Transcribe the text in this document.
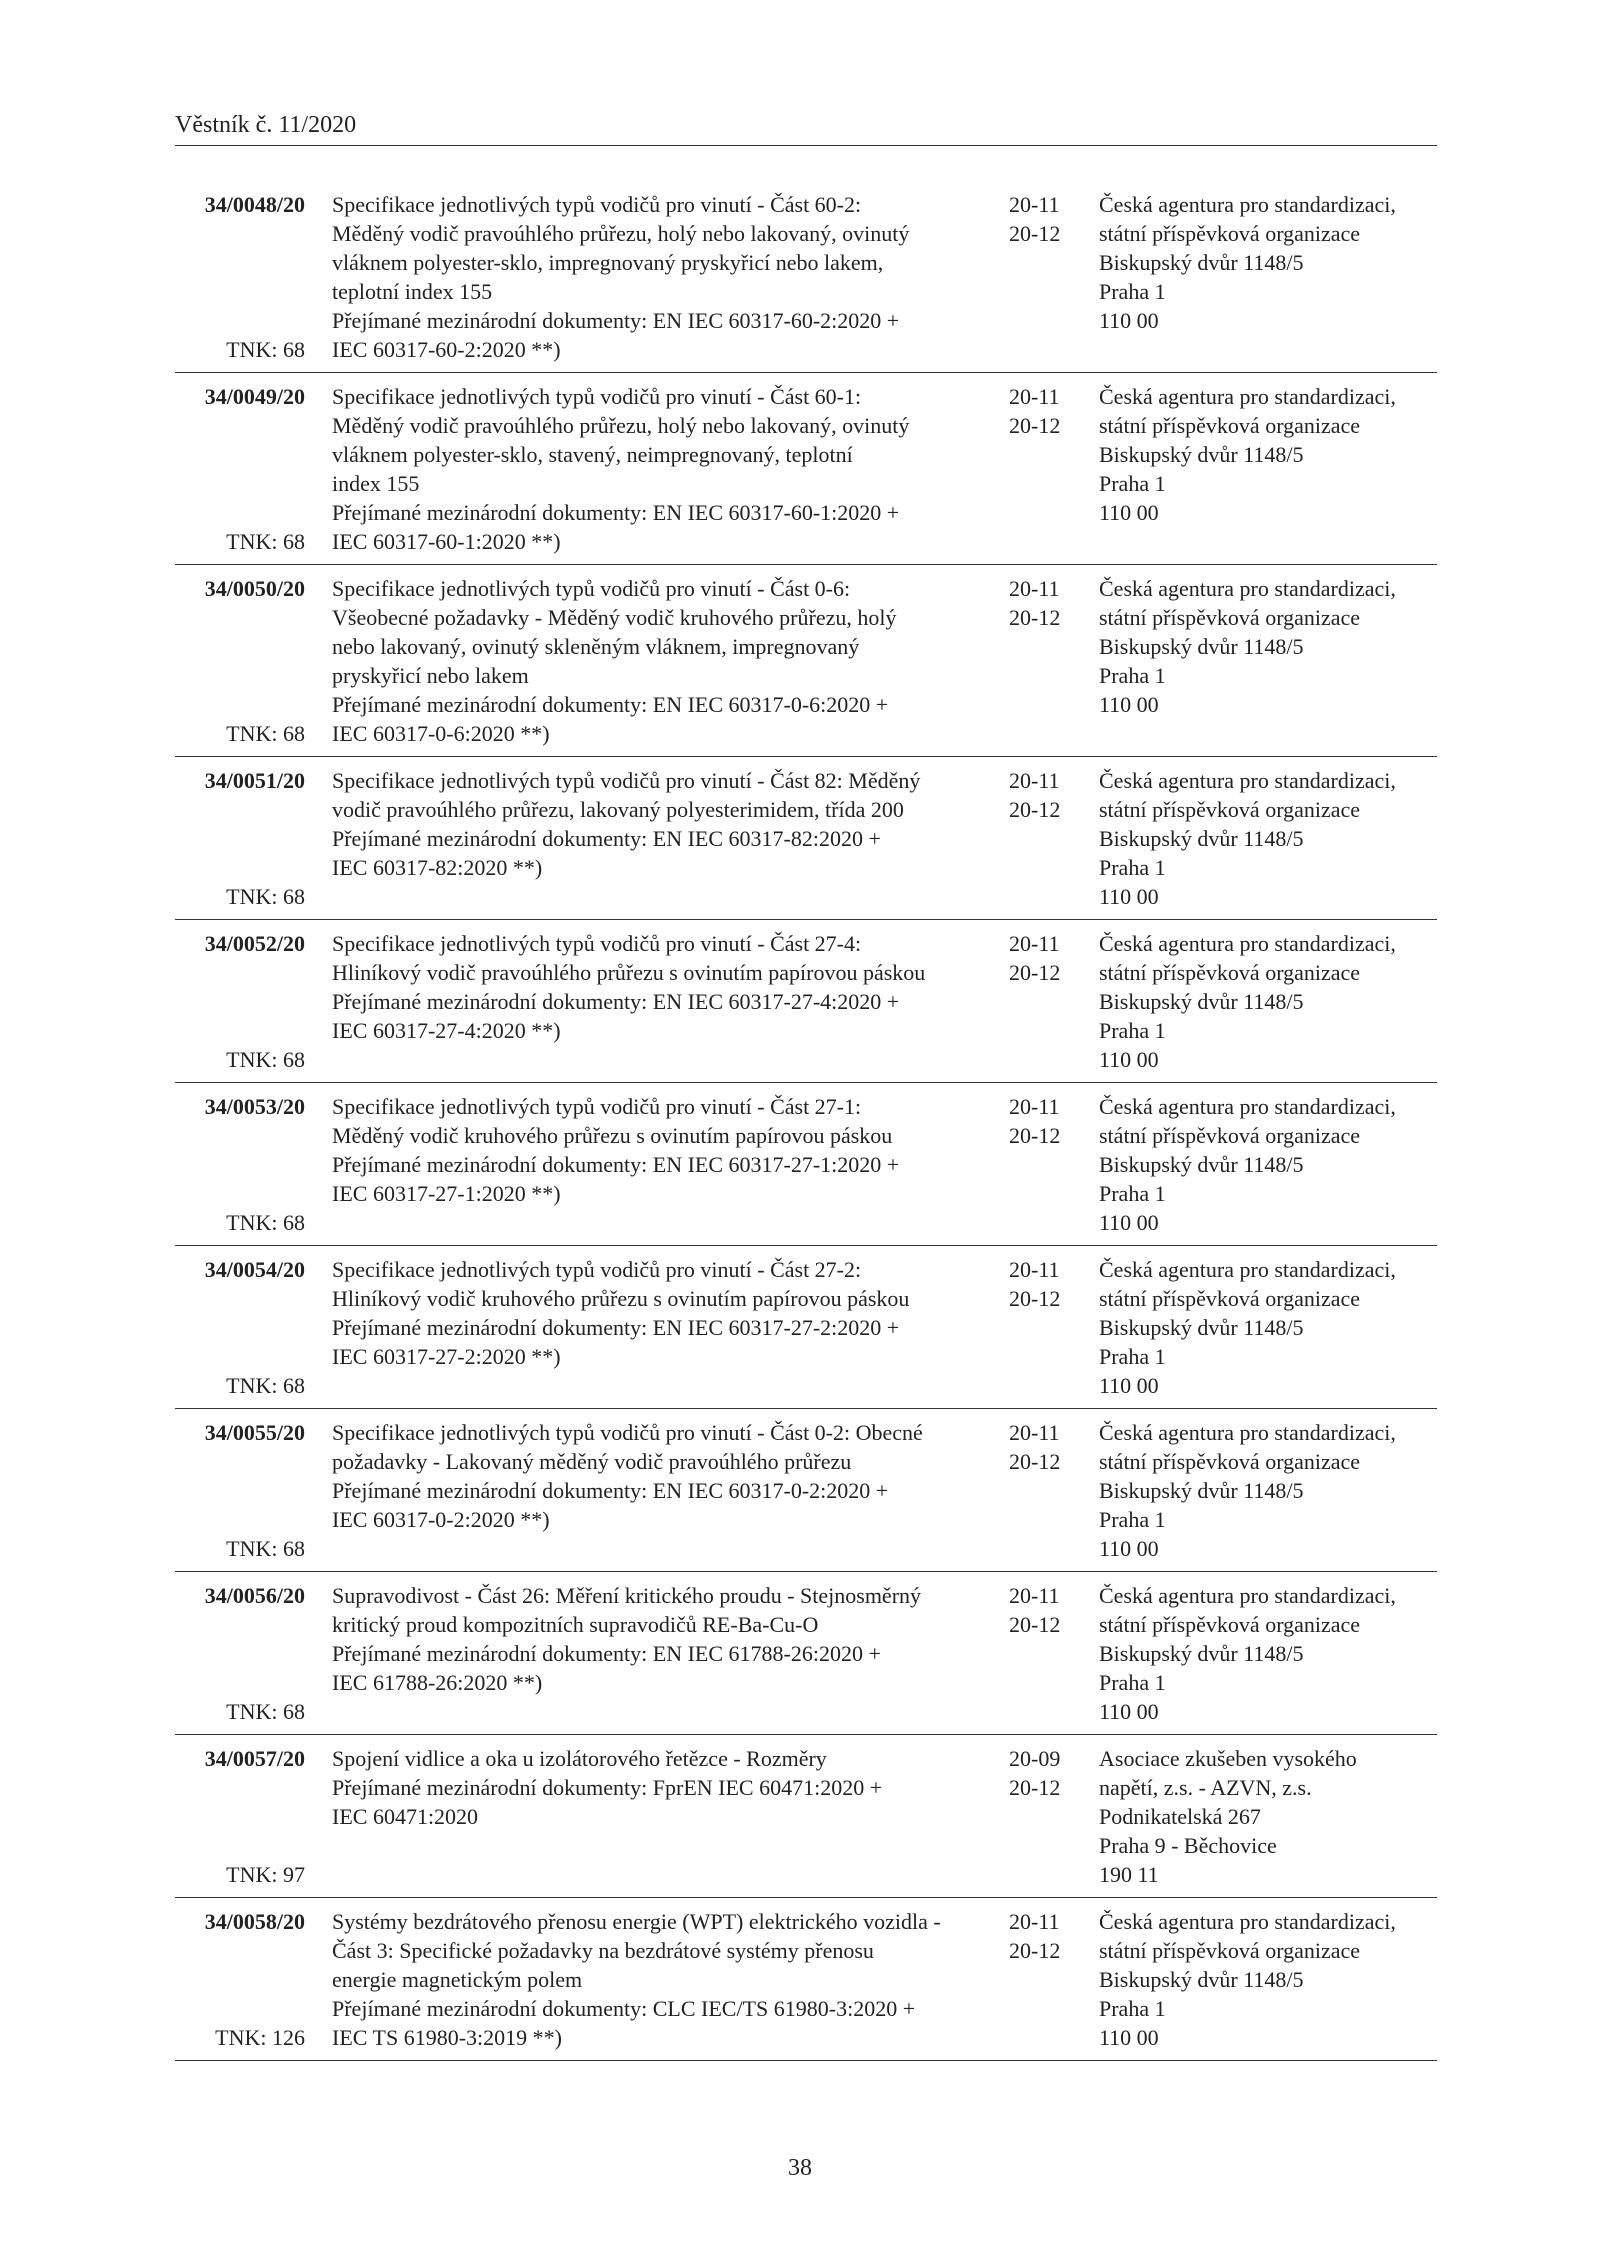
Věstník č. 11/2020
34/0048/20
TNK: 68
Specifikace jednotlivých typů vodičů pro vinutí - Část 60-2:
Měděný vodič pravoúhlého průřezu, holý nebo lakovaný, ovinutý
vláknem polyester-sklo, impregnovaný pryskyřicí nebo lakem,
teplotní index 155
Přejímané mezinárodní dokumenty: EN IEC 60317-60-2:2020 +
IEC 60317-60-2:2020 **)
20-11
20-12
Česká agentura pro standardizaci,
státní příspěvková organizace
Biskupský dvůr 1148/5
Praha 1
110 00
34/0049/20
TNK: 68
Specifikace jednotlivých typů vodičů pro vinutí - Část 60-1:
Měděný vodič pravoúhlého průřezu, holý nebo lakovaný, ovinutý
vláknem polyester-sklo, stavený, neimpregnovaný, teplotní
index 155
Přejímané mezinárodní dokumenty: EN IEC 60317-60-1:2020 +
IEC 60317-60-1:2020 **)
20-11
20-12
Česká agentura pro standardizaci,
státní příspěvková organizace
Biskupský dvůr 1148/5
Praha 1
110 00
34/0050/20
TNK: 68
Specifikace jednotlivých typů vodičů pro vinutí - Část 0-6:
Všeobecné požadavky - Měděný vodič kruhového průřezu, holý
nebo lakovaný, ovinutý skleněným vláknem, impregnovaný
pryskyřicí nebo lakem
Přejímané mezinárodní dokumenty: EN IEC 60317-0-6:2020 +
IEC 60317-0-6:2020 **)
20-11
20-12
Česká agentura pro standardizaci,
státní příspěvková organizace
Biskupský dvůr 1148/5
Praha 1
110 00
34/0051/20
TNK: 68
Specifikace jednotlivých typů vodičů pro vinutí - Část 82: Měděný
vodič pravoúhlého průřezu, lakovaný polyesterimidem, třída 200
Přejímané mezinárodní dokumenty: EN IEC 60317-82:2020 +
IEC 60317-82:2020 **)
20-11
20-12
Česká agentura pro standardizaci,
státní příspěvková organizace
Biskupský dvůr 1148/5
Praha 1
110 00
34/0052/20
TNK: 68
Specifikace jednotlivých typů vodičů pro vinutí - Část 27-4:
Hliníkový vodič pravoúhlého průřezu s ovinutím papírovou páskou
Přejímané mezinárodní dokumenty: EN IEC 60317-27-4:2020 +
IEC 60317-27-4:2020 **)
20-11
20-12
Česká agentura pro standardizaci,
státní příspěvková organizace
Biskupský dvůr 1148/5
Praha 1
110 00
34/0053/20
TNK: 68
Specifikace jednotlivých typů vodičů pro vinutí - Část 27-1:
Měděný vodič kruhového průřezu s ovinutím papírovou páskou
Přejímané mezinárodní dokumenty: EN IEC 60317-27-1:2020 +
IEC 60317-27-1:2020 **)
20-11
20-12
Česká agentura pro standardizaci,
státní příspěvková organizace
Biskupský dvůr 1148/5
Praha 1
110 00
34/0054/20
TNK: 68
Specifikace jednotlivých typů vodičů pro vinutí - Část 27-2:
Hliníkový vodič kruhového průřezu s ovinutím papírovou páskou
Přejímané mezinárodní dokumenty: EN IEC 60317-27-2:2020 +
IEC 60317-27-2:2020 **)
20-11
20-12
Česká agentura pro standardizaci,
státní příspěvková organizace
Biskupský dvůr 1148/5
Praha 1
110 00
34/0055/20
TNK: 68
Specifikace jednotlivých typů vodičů pro vinutí - Část 0-2: Obecné
požadavky - Lakovaný měděný vodič pravoúhlého průřezu
Přejímané mezinárodní dokumenty: EN IEC 60317-0-2:2020 +
IEC 60317-0-2:2020 **)
20-11
20-12
Česká agentura pro standardizaci,
státní příspěvková organizace
Biskupský dvůr 1148/5
Praha 1
110 00
34/0056/20
TNK: 68
Supravodivost - Část 26: Měření kritického proudu - Stejnosměrný
kritický proud kompozitních supravodičů RE-Ba-Cu-O
Přejímané mezinárodní dokumenty: EN IEC 61788-26:2020 +
IEC 61788-26:2020 **)
20-11
20-12
Česká agentura pro standardizaci,
státní příspěvková organizace
Biskupský dvůr 1148/5
Praha 1
110 00
34/0057/20
TNK: 97
Spojení vidlice a oka u izolátorového řetězce - Rozměry
Přejímané mezinárodní dokumenty: FprEN IEC 60471:2020 +
IEC 60471:2020
20-09
20-12
Asociace zkušeben vysokého
napětí, z.s. - AZVN, z.s.
Podnikatelská 267
Praha 9 - Běchovice
190 11
34/0058/20
TNK: 126
Systémy bezdrátového přenosu energie (WPT) elektrického vozidla -
Část 3: Specifické požadavky na bezdrátové systémy přenosu
energie magnetickým polem
Přejímané mezinárodní dokumenty: CLC IEC/TS 61980-3:2020 +
IEC TS 61980-3:2019 **)
20-11
20-12
Česká agentura pro standardizaci,
státní příspěvková organizace
Biskupský dvůr 1148/5
Praha 1
110 00
38
